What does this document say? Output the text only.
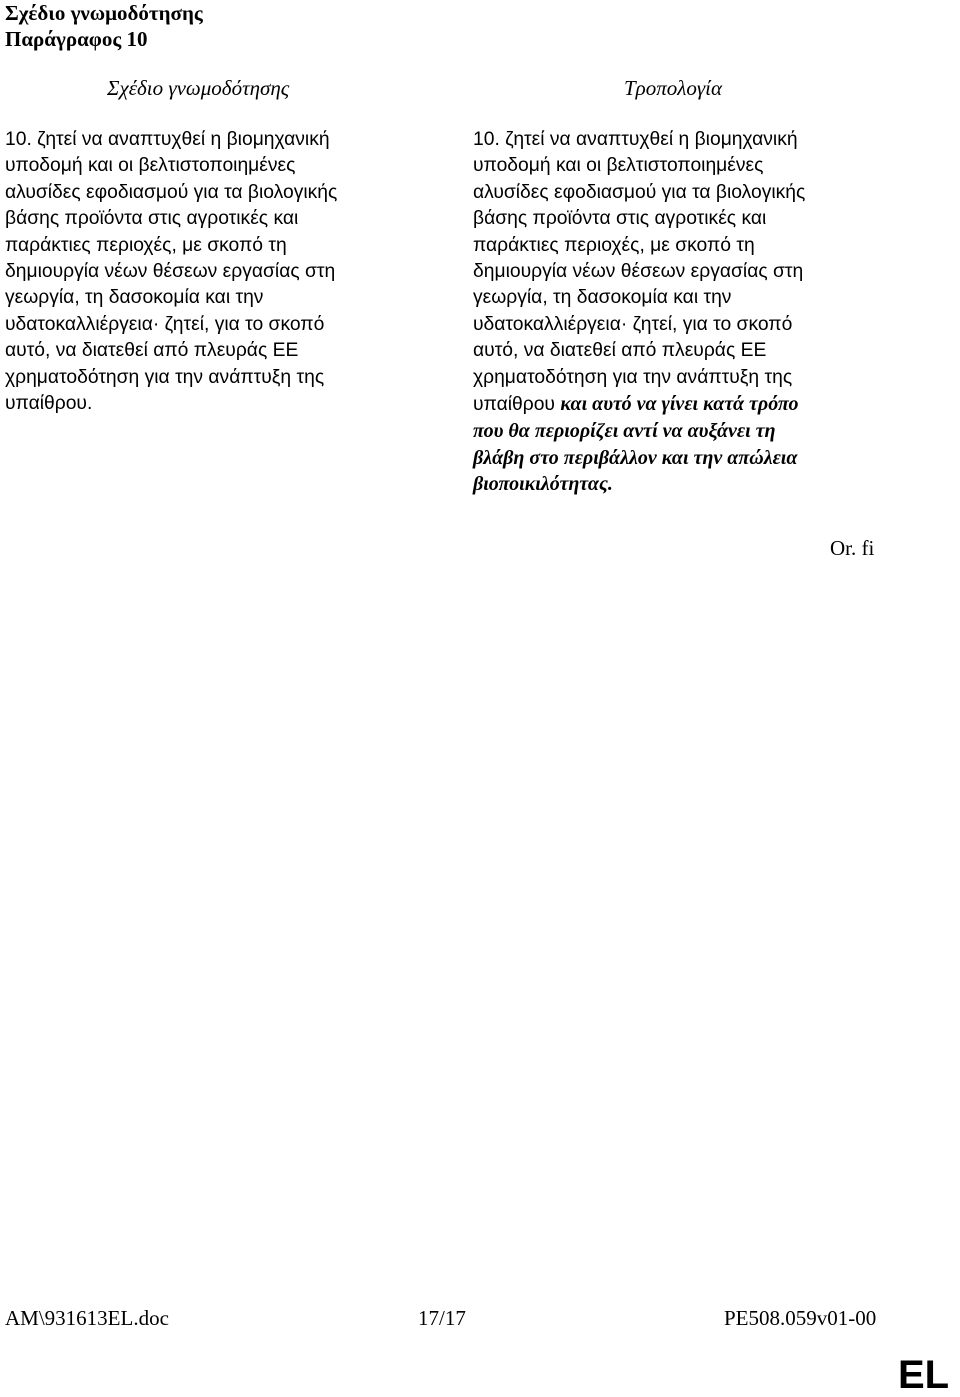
Σχέδιο γνωμοδότησης
Παράγραφος 10
Σχέδιο γνωμοδότησης	Τροπολογία
10. ζητεί να αναπτυχθεί η βιομηχανική
υποδομή και οι βελτιστοποιημένες
αλυσίδες εφοδιασμού για τα βιολογικής
βάσης προϊόντα στις αγροτικές και
παράκτιες περιοχές, με σκοπό τη
δημιουργία νέων θέσεων εργασίας στη
γεωργία, τη δασοκομία και την
υδατοκαλλιέργεια· ζητεί, για το σκοπό
αυτό, να διατεθεί από πλευράς ΕΕ
χρηματοδότηση για την ανάπτυξη της
υπαίθρου.
10. ζητεί να αναπτυχθεί η βιομηχανική
υποδομή και οι βελτιστοποιημένες
αλυσίδες εφοδιασμού για τα βιολογικής
βάσης προϊόντα στις αγροτικές και
παράκτιες περιοχές, με σκοπό τη
δημιουργία νέων θέσεων εργασίας στη
γεωργία, τη δασοκομία και την
υδατοκαλλιέργεια· ζητεί, για το σκοπό
αυτό, να διατεθεί από πλευράς ΕΕ
χρηματοδότηση για την ανάπτυξη της
υπαίθρου και αυτό να γίνει κατά τρόπο
που θα περιορίζει αντί να αυξάνει τη
βλάβη στο περιβάλλον και την απώλεια
βιοποικιλότητας.
Or. fi
AM\931613EL.doc	17/17	PE508.059v01-00
EL
